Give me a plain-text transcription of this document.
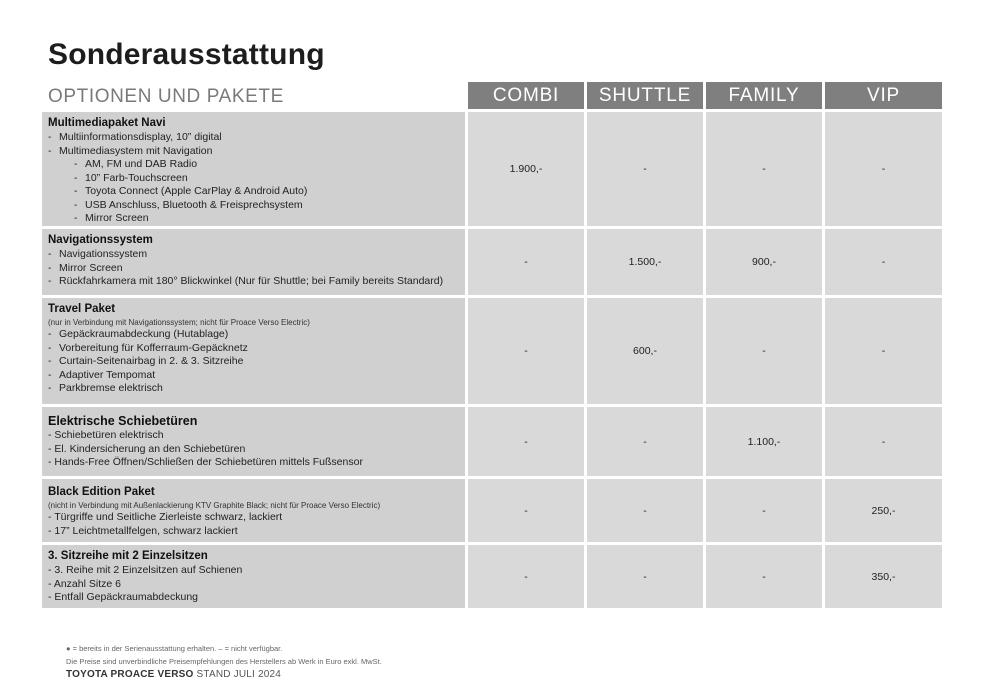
Sonderausstattung
OPTIONEN UND PAKETE	COMBI	SHUTTLE	FAMILY	VIP
Multimediapaket Navi
- Multiinformationsdisplay, 10” digital
- Multimediasystem mit Navigation
- AM, FM und DAB Radio
- 10” Farb-Touchscreen
- Toyota Connect (Apple CarPlay & Android Auto)
- USB Anschluss, Bluetooth & Freisprechsystem
- Mirror Screen
1.900,-	-	-	-
Navigationssystem
- Navigationssystem
- Mirror Screen
- Rückfahrkamera mit 180° Blickwinkel (Nur für Shuttle; bei Family bereits Standard)
-	1.500,-	900,-	-
Travel Paket
(nur in Verbindung mit Navigationssystem; nicht für Proace Verso Electric)
- Gepäckraumabdeckung (Hutablage)
- Vorbereitung für Kofferraum-Gepäcknetz
- Curtain-Seitenairbag in 2. & 3. Sitzreihe
- Adaptiver Tempomat
- Parkbremse elektrisch
-	600,-	-	-
Elektrische Schiebetüren
- Schiebetüren elektrisch
- El. Kindersicherung an den Schiebetüren
- Hands-Free Öffnen/Schließen der Schiebetüren mittels Fußsensor
-	-	1.100,-	-
Black Edition Paket
(nicht in Verbindung mit Außenlackierung KTV Graphite Black; nicht für Proace Verso Electric)
- Türgriffe und Seitliche Zierleiste schwarz, lackiert
- 17” Leichtmetallfelgen, schwarz lackiert
-	-	-	250,-
3. Sitzreihe mit 2 Einzelsitzen
- 3. Reihe mit 2 Einzelsitzen auf Schienen
- Anzahl Sitze 6
- Entfall Gepäckraumabdeckung
-	-	-	350,-
● = bereits in der Serienausstattung erhalten. – = nicht verfügbar.
Die Preise sind unverbindliche Preisempfehlungen des Herstellers ab Werk in Euro exkl. MwSt.
TOYOTA PROACE VERSO STAND JULI 2024
